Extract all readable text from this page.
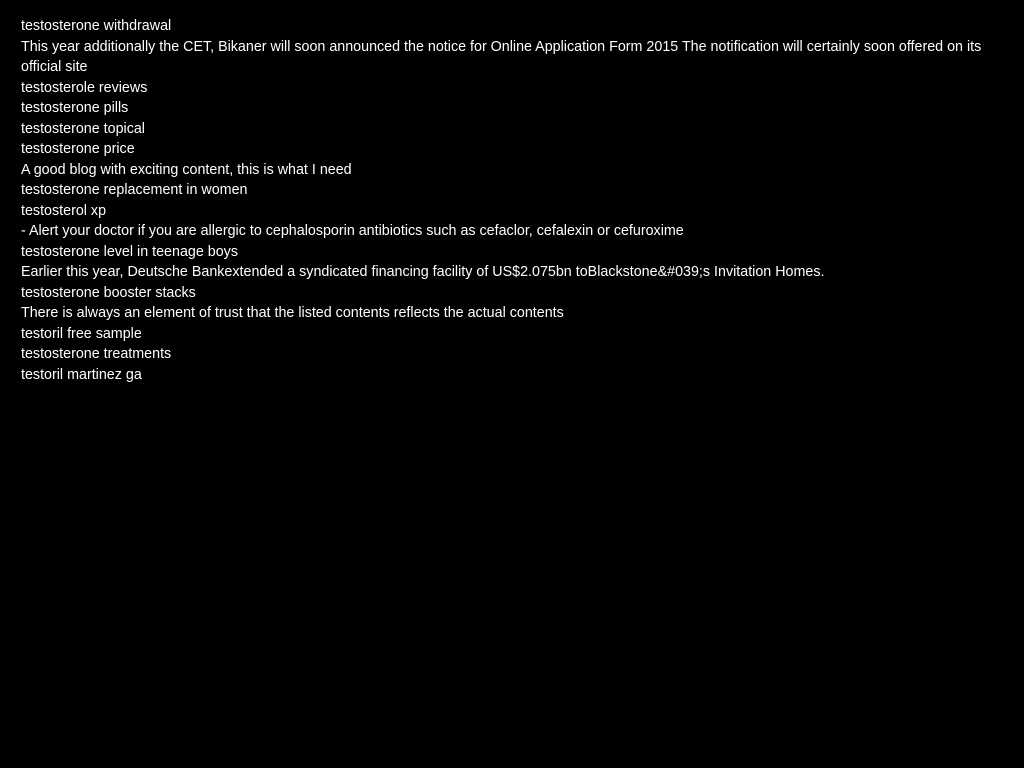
testosterone withdrawal

This year additionally the CET, Bikaner will soon announced the notice for Online Application Form 2015 The notification will certainly soon offered on its official site

testosterole reviews

testosterone pills

testosterone topical

testosterone price

A good blog with exciting content, this is what I need

testosterone replacement in women

testosterol xp

- Alert your doctor if you are allergic to cephalosporin antibiotics such as cefaclor, cefalexin or cefuroxime

testosterone level in teenage boys

Earlier this year, Deutsche Bankextended a syndicated financing facility of US$2.075bn toBlackstone&#039;s Invitation Homes.

testosterone booster stacks

There is always an element of trust that the listed contents reflects the actual contents

testoril free sample

testosterone treatments

testoril martinez ga
